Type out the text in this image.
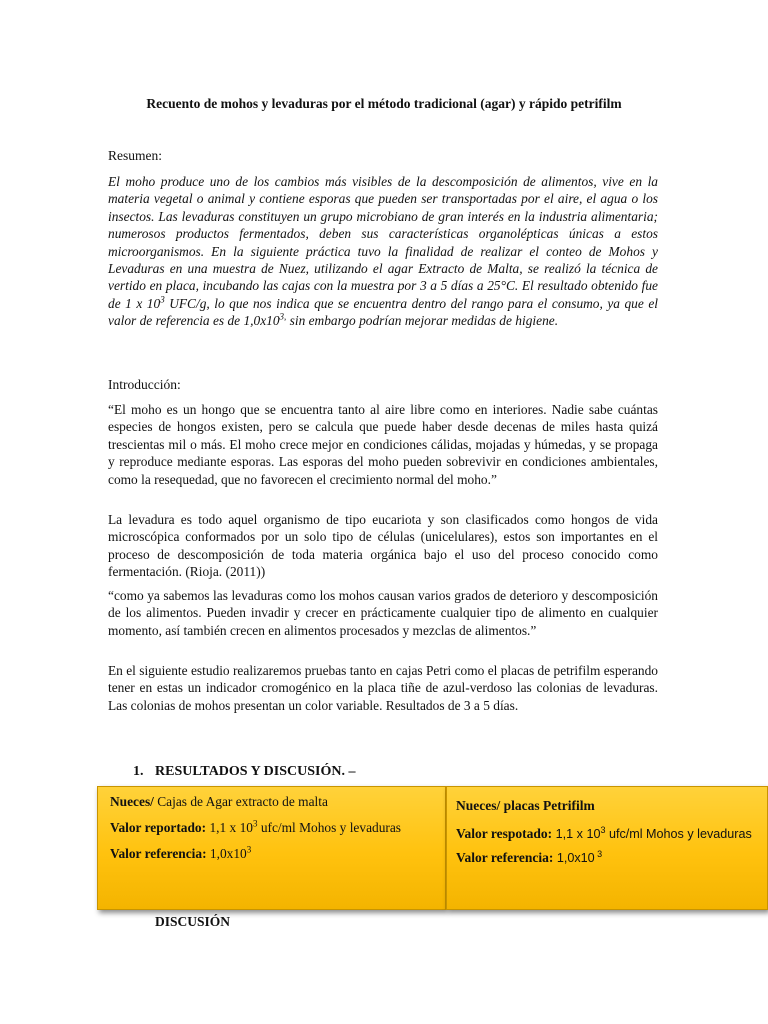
Recuento de mohos y levaduras por el método tradicional (agar) y rápido petrifilm
Resumen:

El moho produce uno de los cambios más visibles de la descomposición de alimentos, vive en la materia vegetal o animal y contiene esporas que pueden ser transportadas por el aire, el agua o los insectos. Las levaduras constituyen un grupo microbiano de gran interés en la industria alimentaria; numerosos productos fermentados, deben sus características organolépticas únicas a estos microorganismos. En la siguiente práctica tuvo la finalidad de realizar el conteo de Mohos y Levaduras en una muestra de Nuez, utilizando el agar Extracto de Malta, se realizó la técnica de vertido en placa, incubando las cajas con la muestra por 3 a 5 días a 25°C. El resultado obtenido fue de 1 x $10^3$ UFC/g, lo que nos indica que se encuentra dentro del rango para el consumo, ya que el valor de referencia es de $1,0x10^{3,}$ sin embargo podrían mejorar medidas de higiene.

Introducción:

“El moho es un hongo que se encuentra tanto al aire libre como en interiores. Nadie sabe cuántas especies de hongos existen, pero se calcula que puede haber desde decenas de miles hasta quizá trescientas mil o más. El moho crece mejor en condiciones cálidas, mojadas y húmedas, y se propaga y reproduce mediante esporas. Las esporas del moho pueden sobrevivir en condiciones ambientales, como la resequedad, que no favorecen el crecimiento normal del moho.”

La levadura es todo aquel organismo de tipo eucariota y son clasificados como hongos de vida microscópica conformados por un solo tipo de células (unicelulares), estos son importantes en el proceso de descomposición de toda materia orgánica bajo el uso del proceso conocido como fermentación. (Rioja. (2011))

“como ya sabemos las levaduras como los mohos causan varios grados de deterioro y descomposición de los alimentos. Pueden invadir y crecer en prácticamente cualquier tipo de alimento en cualquier momento, así también crecen en alimentos procesados y mezclas de alimentos.”

En el siguiente estudio realizaremos pruebas tanto en cajas Petri como el placas de petrifilm esperando tener en estas un indicador cromogénico en la placa tiñe de azul-verdoso las colonias de levaduras. Las colonias de mohos presentan un color variable. Resultados de 3 a 5 días.

1. RESULTADOS Y DISCUSIÓN. –
Nueces/ Cajas de Agar extracto de malta
Valor reportado: 1,1 x $10^3$ ufc/ml Mohos y levaduras
Valor referencia: $1,0x10^3$
Nueces/ placas Petrifilm
Valor respotado: 1,1 x $10^3$ ufc/ml Mohos y levaduras
Valor referencia: 1,0x10 $^3$
DISCUSIÓN
